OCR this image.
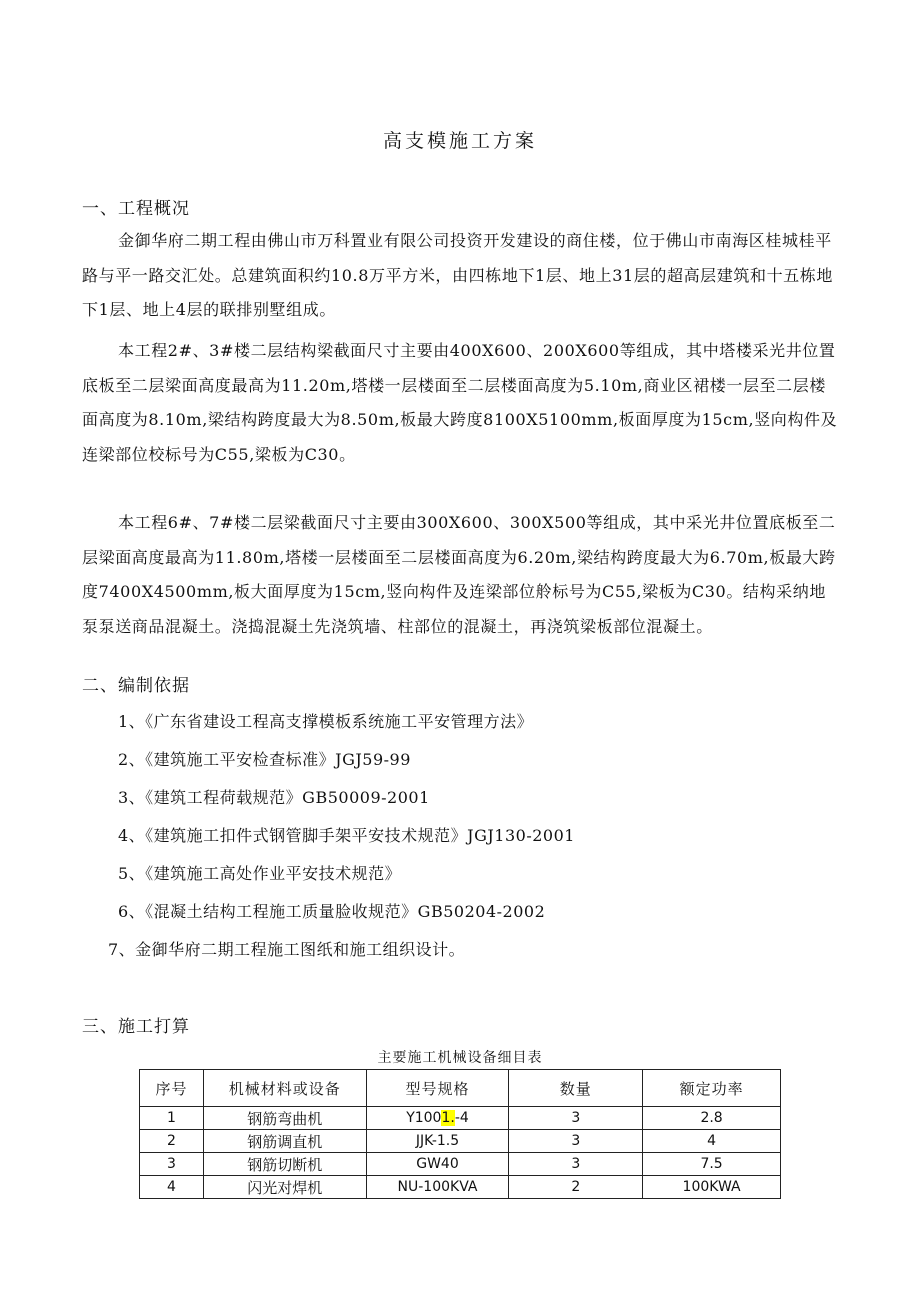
高支模施工方案
一、工程概况

金御华府二期工程由佛山市万科置业有限公司投资开发建设的商住楼，位于佛山市南海区桂城桂平路与平一路交汇处。总建筑面积约10.8万平方米，由四栋地下1层、地上31层的超高层建筑和十五栋地下1层、地上4层的联排别墅组成。

本工程2#、3#楼二层结构梁截面尺寸主要由400X600、200X600等组成，其中塔楼采光井位置底板至二层梁面高度最高为11.20m,塔楼一层楼面至二层楼面高度为5.10m,商业区裙楼一层至二层楼面高度为8.10m,梁结构跨度最大为8.50m,板最大跨度8100X5100mm,板面厚度为15cm,竖向构件及连梁部位校标号为C55,梁板为C30。

本工程6#、7#楼二层梁截面尺寸主要由300X600、300X500等组成，其中采光井位置底板至二层梁面高度最高为11.80m,塔楼一层楼面至二层楼面高度为6.20m,梁结构跨度最大为6.70m,板最大跨度7400X4500mm,板大面厚度为15cm,竖向构件及连梁部位舲标号为C55,梁板为C30。结构采纳地泵泵送商品混凝土。浇捣混凝土先浇筑墙、柱部位的混凝土，再浇筑梁板部位混凝土。

二、编制依据
1、《广东省建设工程高支撑模板系统施工平安管理方法》
2、《建筑施工平安检查标准》JGJ59-99
3、《建筑工程荷载规范》GB50009-2001
4、《建筑施工扣件式钢管脚手架平安技术规范》JGJ130-2001
5、《建筑施工高处作业平安技术规范》
6、《混凝土结构工程施工质量脸收规范》GB50204-2002
7、金御华府二期工程施工图纸和施工组织设计。
三、施工打算
主要施工机械设备细目表
序号	机械材料或设备	型号规格	数量	额定功率
1	钢筋弯曲机	Y1001.-4	3	2.8
2	钢筋调直机	JJK-1.5	3	4
3	钢筋切断机	GW40	3	7.5
4	闪光对焊机	NU-100KVA	2	100KWA
